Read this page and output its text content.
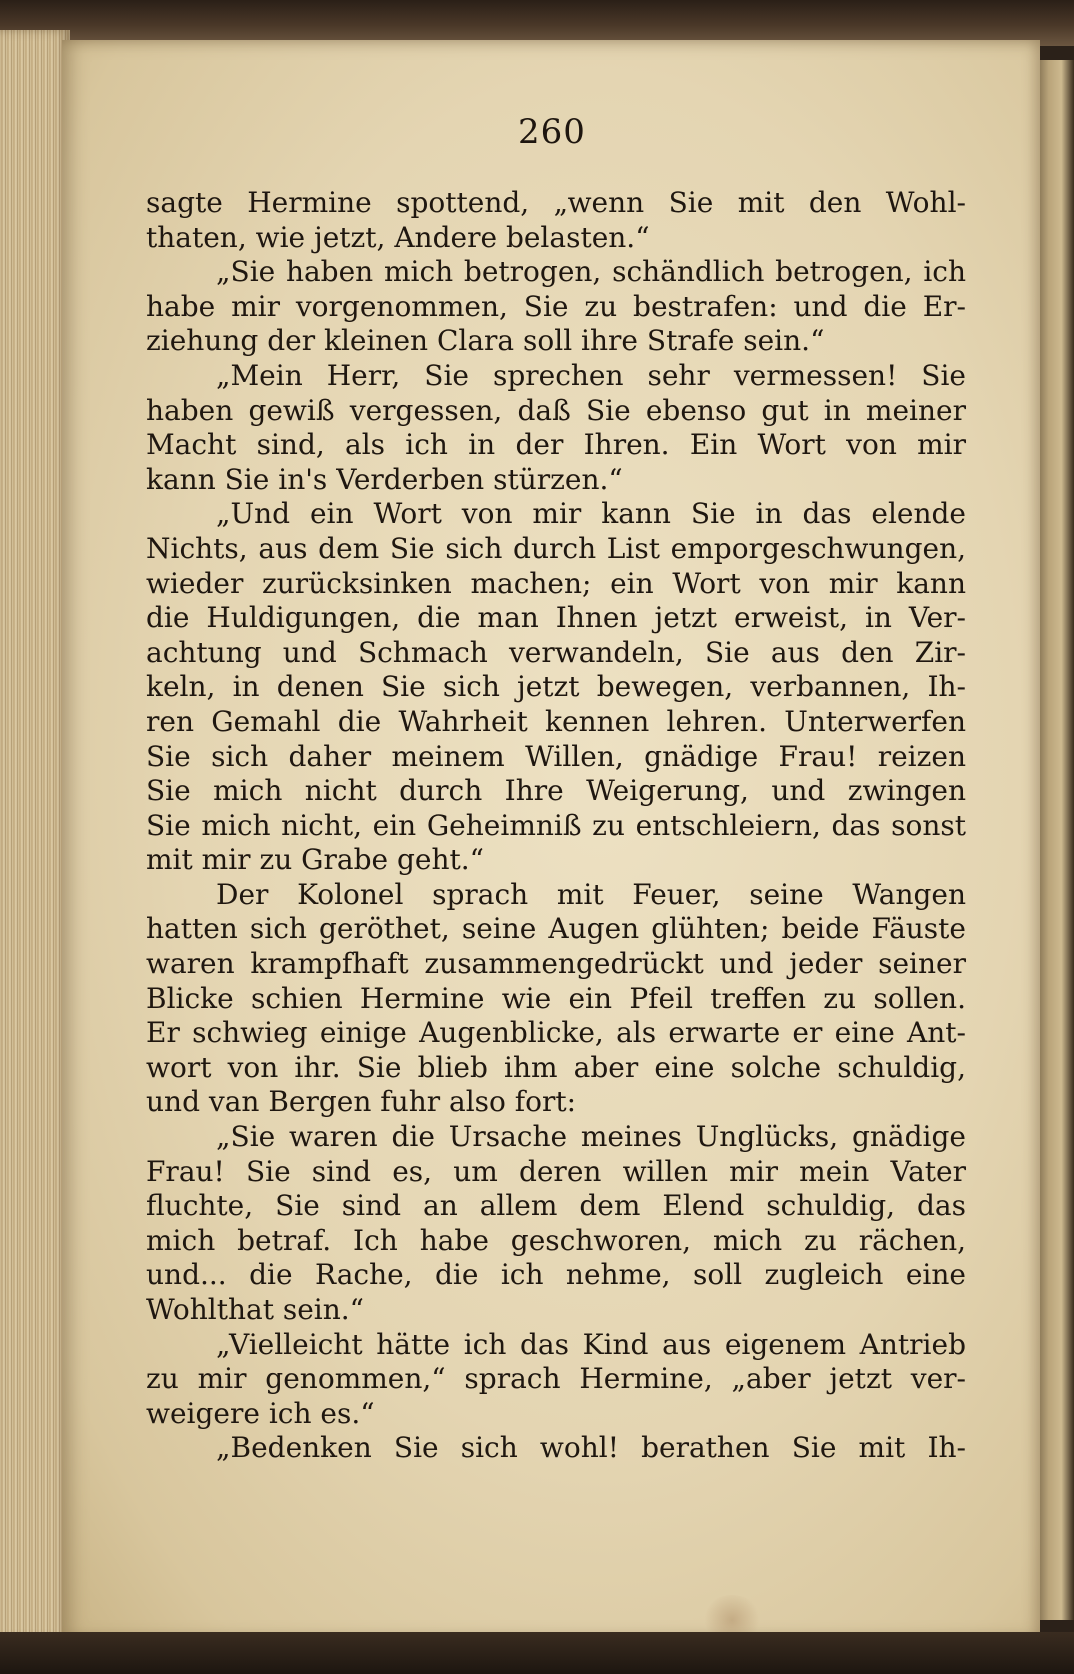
260
sagte Hermine spottend, „wenn Sie mit den Wohl-
thaten, wie jetzt, Andere belasten.“
„Sie haben mich betrogen, schändlich betrogen, ich
habe mir vorgenommen, Sie zu bestrafen: und die Er-
ziehung der kleinen Clara soll ihre Strafe sein.“
„Mein Herr, Sie sprechen sehr vermessen! Sie
haben gewiß vergessen, daß Sie ebenso gut in meiner
Macht sind, als ich in der Ihren. Ein Wort von mir
kann Sie in's Verderben stürzen.“
„Und ein Wort von mir kann Sie in das elende
Nichts, aus dem Sie sich durch List emporgeschwungen,
wieder zurücksinken machen; ein Wort von mir kann
die Huldigungen, die man Ihnen jetzt erweist, in Ver-
achtung und Schmach verwandeln, Sie aus den Zir-
keln, in denen Sie sich jetzt bewegen, verbannen, Ih-
ren Gemahl die Wahrheit kennen lehren. Unterwerfen
Sie sich daher meinem Willen, gnädige Frau! reizen
Sie mich nicht durch Ihre Weigerung, und zwingen
Sie mich nicht, ein Geheimniß zu entschleiern, das sonst
mit mir zu Grabe geht.“
Der Kolonel sprach mit Feuer, seine Wangen
hatten sich geröthet, seine Augen glühten; beide Fäuste
waren krampfhaft zusammengedrückt und jeder seiner
Blicke schien Hermine wie ein Pfeil treffen zu sollen.
Er schwieg einige Augenblicke, als erwarte er eine Ant-
wort von ihr. Sie blieb ihm aber eine solche schuldig,
und van Bergen fuhr also fort:
„Sie waren die Ursache meines Unglücks, gnädige
Frau! Sie sind es, um deren willen mir mein Vater
fluchte, Sie sind an allem dem Elend schuldig, das
mich betraf. Ich habe geschworen, mich zu rächen,
und... die Rache, die ich nehme, soll zugleich eine
Wohlthat sein.“
„Vielleicht hätte ich das Kind aus eigenem Antrieb
zu mir genommen,“ sprach Hermine, „aber jetzt ver-
weigere ich es.“
„Bedenken Sie sich wohl! berathen Sie mit Ih-
